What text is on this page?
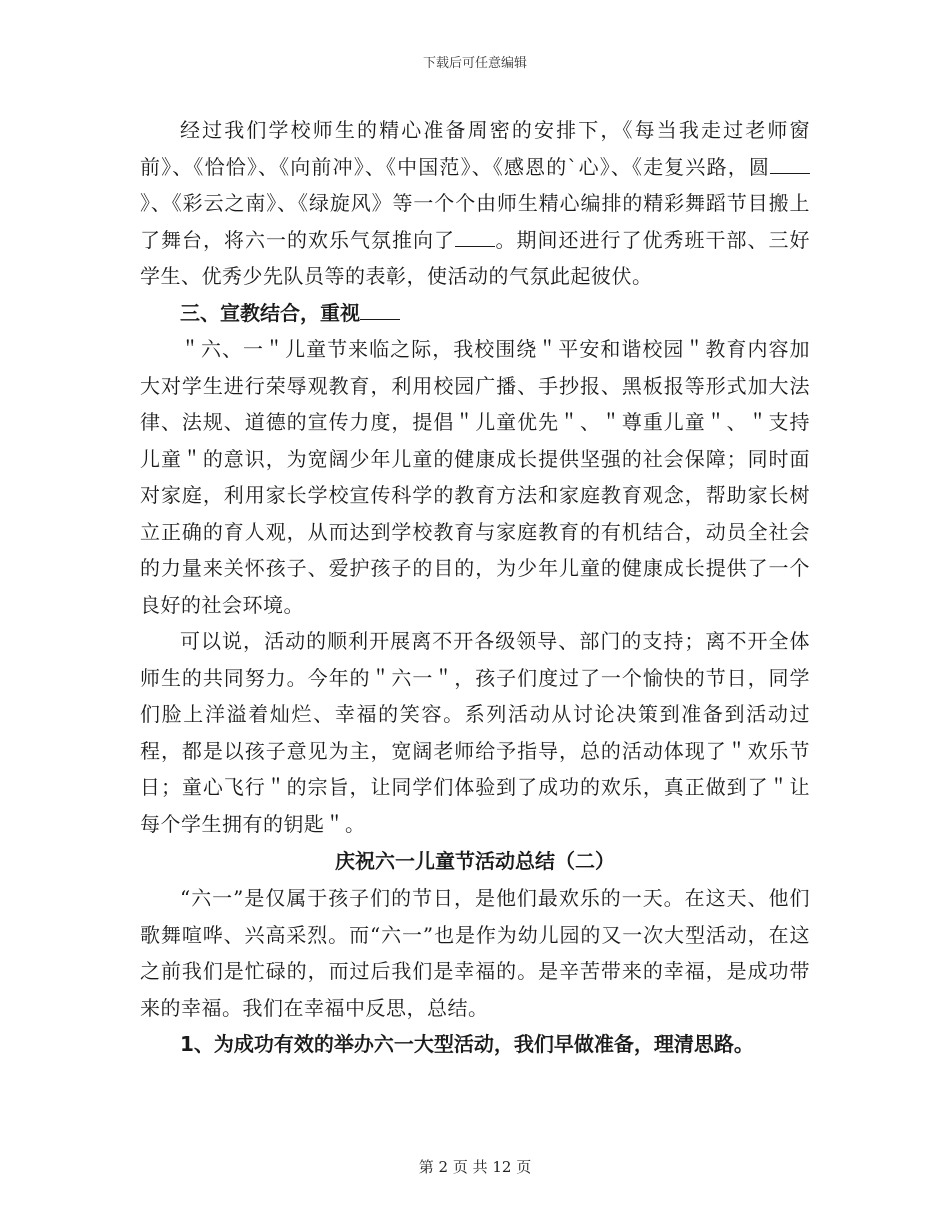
下载后可任意编辑

经过我们学校师生的精心准备周密的安排下，《每当我走过老师窗前》、《恰恰》、《向前冲》、《中国范》、《感恩的`心》、《走复兴路，圆》、《彩云之南》、《绿旋风》等一个个由师生精心编排的精彩舞蹈节目搬上了舞台，将六一的欢乐气氛推向了 。期间还进行了优秀班干部、三好学生、优秀少先队员等的表彰，使活动的气氛此起彼伏。

三、宣教结合，重视

＂六、一＂儿童节来临之际，我校围绕＂平安和谐校园＂教育内容加大对学生进行荣辱观教育，利用校园广播、手抄报、黑板报等形式加大法律、法规、道德的宣传力度，提倡＂儿童优先＂、＂尊重儿童＂、＂支持儿童＂的意识，为宽阔少年儿童的健康成长提供坚强的社会保障；同时面对家庭，利用家长学校宣传科学的教育方法和家庭教育观念，帮助家长树立正确的育人观，从而达到学校教育与家庭教育的有机结合，动员全社会的力量来关怀孩子、爱护孩子的目的，为少年儿童的健康成长提供了一个良好的社会环境。

可以说，活动的顺利开展离不开各级领导、部门的支持；离不开全体师生的共同努力。今年的＂六一＂，孩子们度过了一个愉快的节日，同学们脸上洋溢着灿烂、幸福的笑容。系列活动从讨论决策到准备到活动过程，都是以孩子意见为主，宽阔老师给予指导，总的活动体现了＂欢乐节日；童心飞行＂的宗旨，让同学们体验到了成功的欢乐，真正做到了＂让每个学生拥有的钥匙＂。

庆祝六一儿童节活动总结（二）

“六一”是仅属于孩子们的节日，是他们最欢乐的一天。在这天、他们歌舞喧哗、兴高采烈。而“六一”也是作为幼儿园的又一次大型活动，在这之前我们是忙碌的，而过后我们是幸福的。是辛苦带来的幸福，是成功带来的幸福。我们在幸福中反思，总结。

1、为成功有效的举办六一大型活动，我们早做准备，理清思路。

第 2 页 共 12 页
